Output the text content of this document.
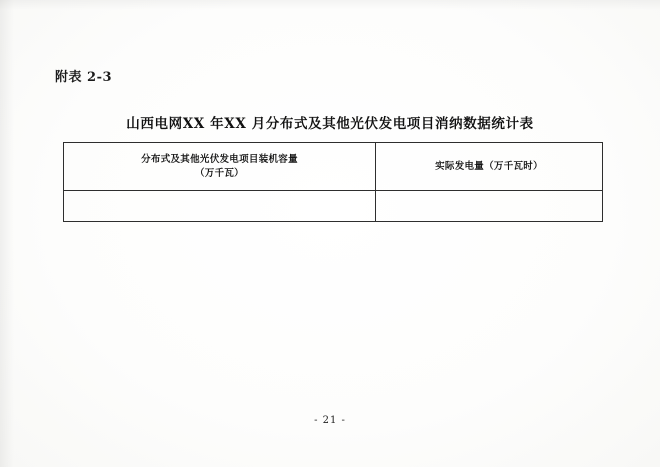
附表 2-3
山西电网XX 年XX 月分布式及其他光伏发电项目消纳数据统计表
分布式及其他光伏发电项目装机容量
（万千瓦）	实际发电量（万千瓦时）

- 21 -
